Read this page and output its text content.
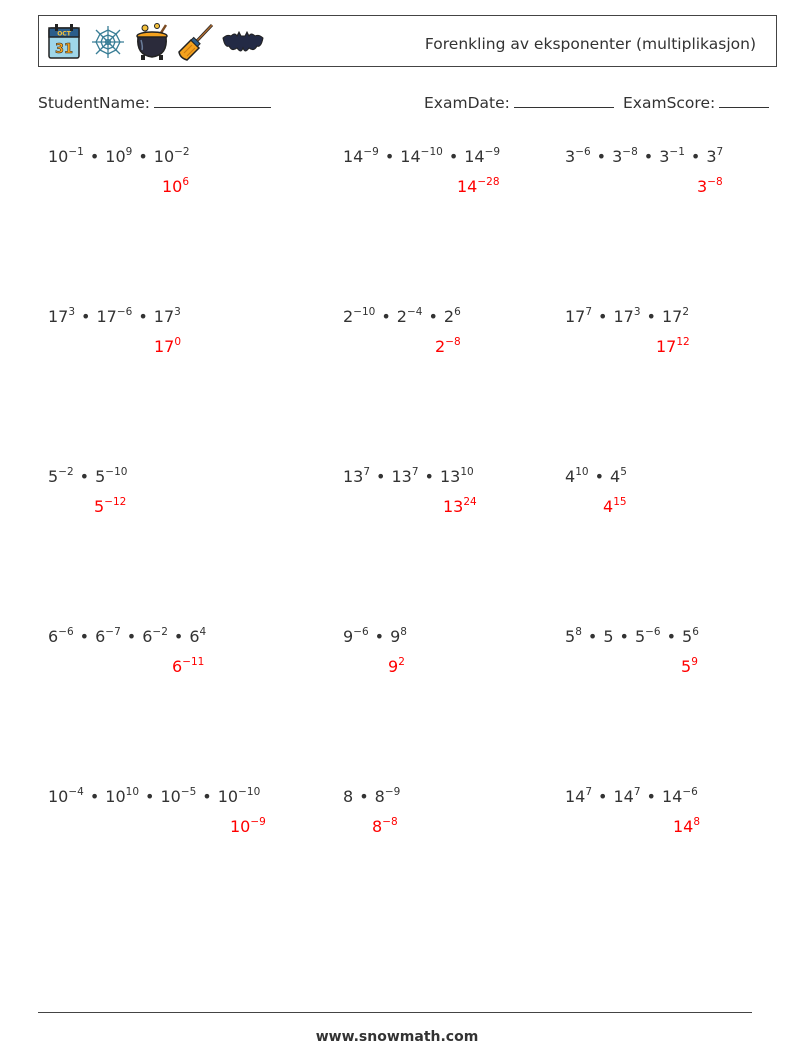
OCT
31	Forenkling av eksponenter (multiplikasjon)
StudentName:	ExamDate:	ExamScore:
$10^{-1}$ • $10^9$ • $10^{-2}$
$10^6$
$14^{-9}$ • $14^{-10}$ • $14^{-9}$
$14^{-28}$
$3^{-6}$ • $3^{-8}$ • $3^{-1}$ • $3^7$
$3^{-8}$
$17^3$ • $17^{-6}$ • $17^3$
$17^0$
$2^{-10}$ • $2^{-4}$ • $2^6$
$2^{-8}$
$17^7$ • $17^3$ • $17^2$
$17^{12}$
$5^{-2}$ • $5^{-10}$
$5^{-12}$
$13^7$ • $13^7$ • $13^{10}$
$13^{24}$
$4^{10}$ • $4^5$
$4^{15}$
$6^{-6}$ • $6^{-7}$ • $6^{-2}$ • $6^4$
$6^{-11}$
$9^{-6}$ • $9^8$
$9^2$
$5^8$ • 5 • $5^{-6}$ • $5^6$
$5^9$
$10^{-4}$ • $10^{10}$ • $10^{-5}$ • $10^{-10}$
$10^{-9}$
8 • $8^{-9}$
$8^{-8}$
$14^7$ • $14^7$ • $14^{-6}$
$14^8$
www.snowmath.com
